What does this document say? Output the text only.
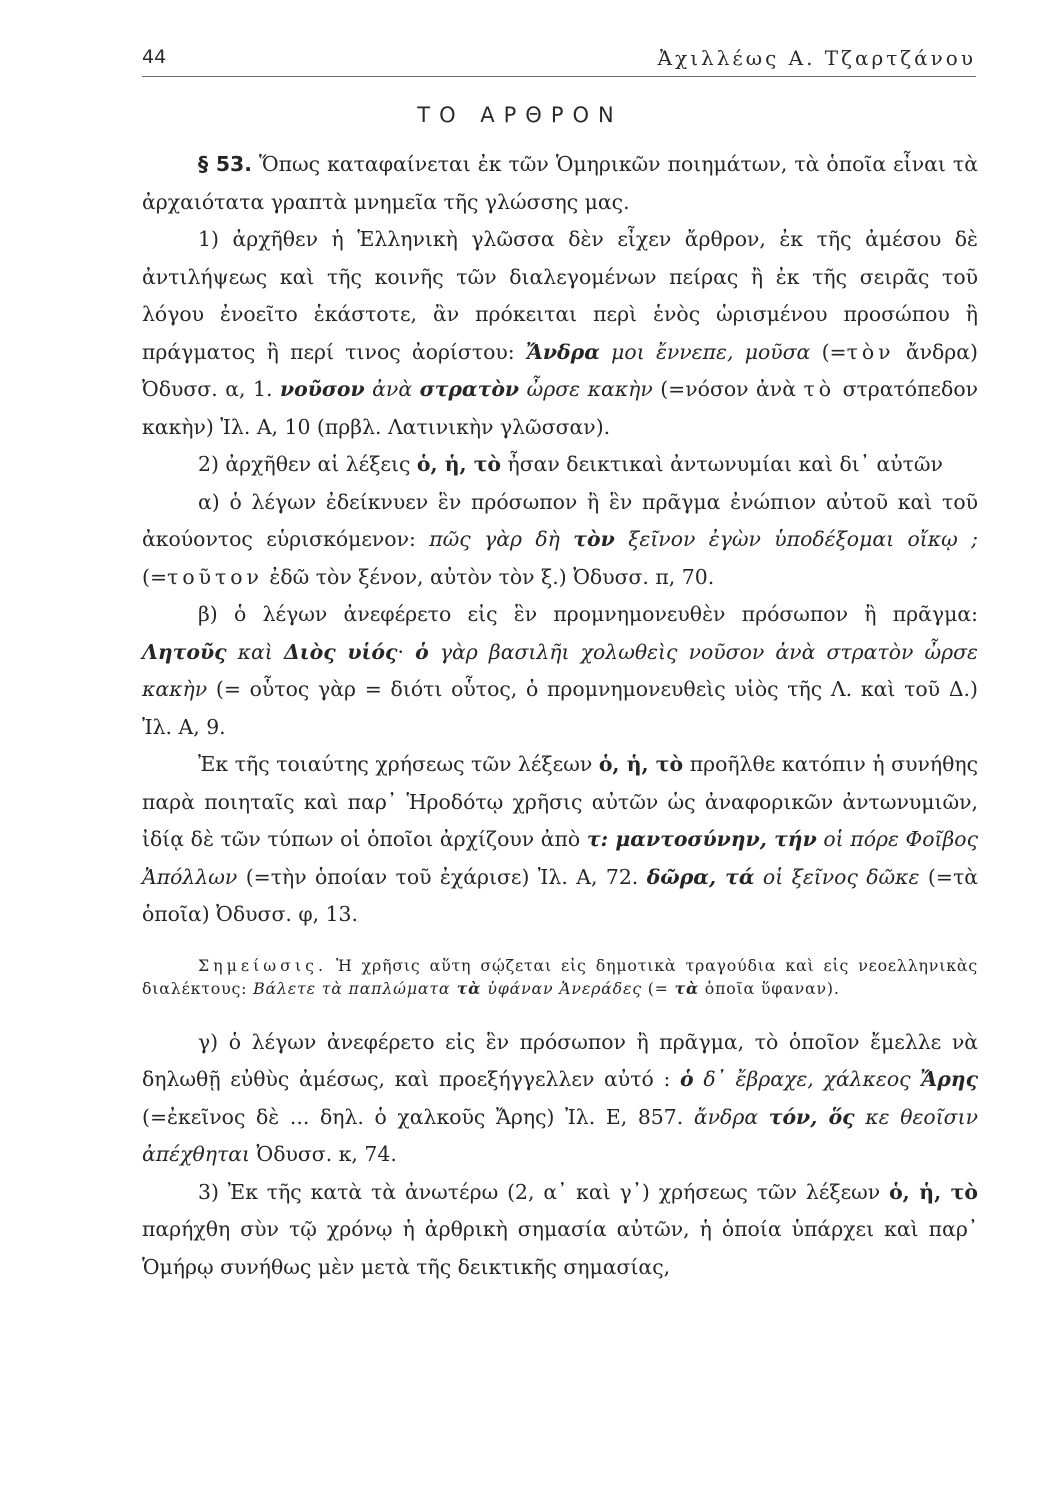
44	Ἀχιλλέως Α. Τζαρτζάνου
ΤΟ ΑΡΘΡΟΝ

§ 53. Ὅπως καταφαίνεται ἐκ τῶν Ὁμηρικῶν ποιημάτων, τὰ ὁποῖα εἶναι τὰ ἀρχαιότατα γραπτὰ μνημεῖα τῆς γλώσσης μας.

1) ἀρχῆθεν ἡ Ἑλληνικὴ γλῶσσα δὲν εἶχεν ἄρθρον, ἐκ τῆς ἀμέσου δὲ ἀντιλήψεως καὶ τῆς κοινῆς τῶν διαλεγομένων πείρας ἢ ἐκ τῆς σειρᾶς τοῦ λόγου ἐνοεῖτο ἑκάστοτε, ἂν πρόκειται περὶ ἑνὸς ὡρισμένου προσώπου ἢ πράγματος ἢ περί τινος ἀορίστου: Ἄνδρα μοι ἔννεπε, μοῦσα (=τὸν ἄνδρα) Ὀδυσσ. α, 1. νοῦσον ἀνὰ στρατὸν ὦρσε κακὴν (=νόσον ἀνὰ τὸ στρατόπεδον κακὴν) Ἰλ. Α, 10 (πρβλ. Λατινικὴν γλῶσσαν).

2) ἀρχῆθεν αἱ λέξεις ὁ, ἡ, τὸ ἦσαν δεικτικαὶ ἀντωνυμίαι καὶ δι᾽ αὐτῶν

α) ὁ λέγων ἐδείκνυεν ἓν πρόσωπον ἢ ἓν πρᾶγμα ἐνώπιον αὐτοῦ καὶ τοῦ ἀκούοντος εὑρισκόμενον: πῶς γὰρ δὴ τὸν ξεῖνον ἐγὼν ὑποδέξομαι οἴκῳ ; (=τοῦτον ἐδῶ τὸν ξένον, αὐτὸν τὸν ξ.) Ὀδυσσ. π, 70.

β) ὁ λέγων ἀνεφέρετο εἰς ἓν προμνημονευθὲν πρόσωπον ἢ πρᾶγμα: Λητοῦς καὶ Διὸς υἱός· ὁ γὰρ βασιλῆι χολωθεὶς νοῦσον ἀνὰ στρατὸν ὦρσε κακὴν (= οὗτος γὰρ = διότι οὗτος, ὁ προμνημονευθεὶς υἱὸς τῆς Λ. καὶ τοῦ Δ.) Ἰλ. Α, 9.

Ἐκ τῆς τοιαύτης χρήσεως τῶν λέξεων ὁ, ἡ, τὸ προῆλθε κατόπιν ἡ συνήθης παρὰ ποιηταῖς καὶ παρ᾽ Ἡροδότῳ χρῆσις αὐτῶν ὡς ἀναφορικῶν ἀντωνυμιῶν, ἰδίᾳ δὲ τῶν τύπων οἱ ὁποῖοι ἀρχίζουν ἀπὸ τ: μαντοσύνην, τήν οἱ πόρε Φοῖβος Ἀπόλλων (=τὴν ὁποίαν τοῦ ἐχάρισε) Ἰλ. Α, 72. δῶρα, τά οἱ ξεῖνος δῶκε (=τὰ ὁποῖα) Ὀδυσσ. φ, 13.

Σημείωσις. Ἡ χρῆσις αὕτη σῴζεται εἰς δημοτικὰ τραγούδια καὶ εἰς νεοελληνικὰς διαλέκτους: Βάλετε τὰ παπλώματα τὰ ὑφάναν Ἀνεράδες (= τὰ ὁποῖα ὕφαναν).

γ) ὁ λέγων ἀνεφέρετο εἰς ἓν πρόσωπον ἢ πρᾶγμα, τὸ ὁποῖον ἔμελλε νὰ δηλωθῇ εὐθὺς ἀμέσως, καὶ προεξήγγελλεν αὐτό : ὁ δ᾽ ἔβραχε, χάλκεος Ἄρης (=ἐκεῖνος δὲ ... δηλ. ὁ χαλκοῦς Ἄρης) Ἰλ. Ε, 857. ἄνδρα τόν, ὅς κε θεοῖσιν ἀπέχθηται Ὀδυσσ. κ, 74.

3) Ἐκ τῆς κατὰ τὰ ἀνωτέρω (2, α᾽ καὶ γ᾽) χρήσεως τῶν λέξεων ὁ, ἡ, τὸ παρήχθη σὺν τῷ χρόνῳ ἡ ἀρθρικὴ σημασία αὐτῶν, ἡ ὁποία ὑπάρχει καὶ παρ᾽ Ὁμήρῳ συνήθως μὲν μετὰ τῆς δεικτικῆς σημασίας,
